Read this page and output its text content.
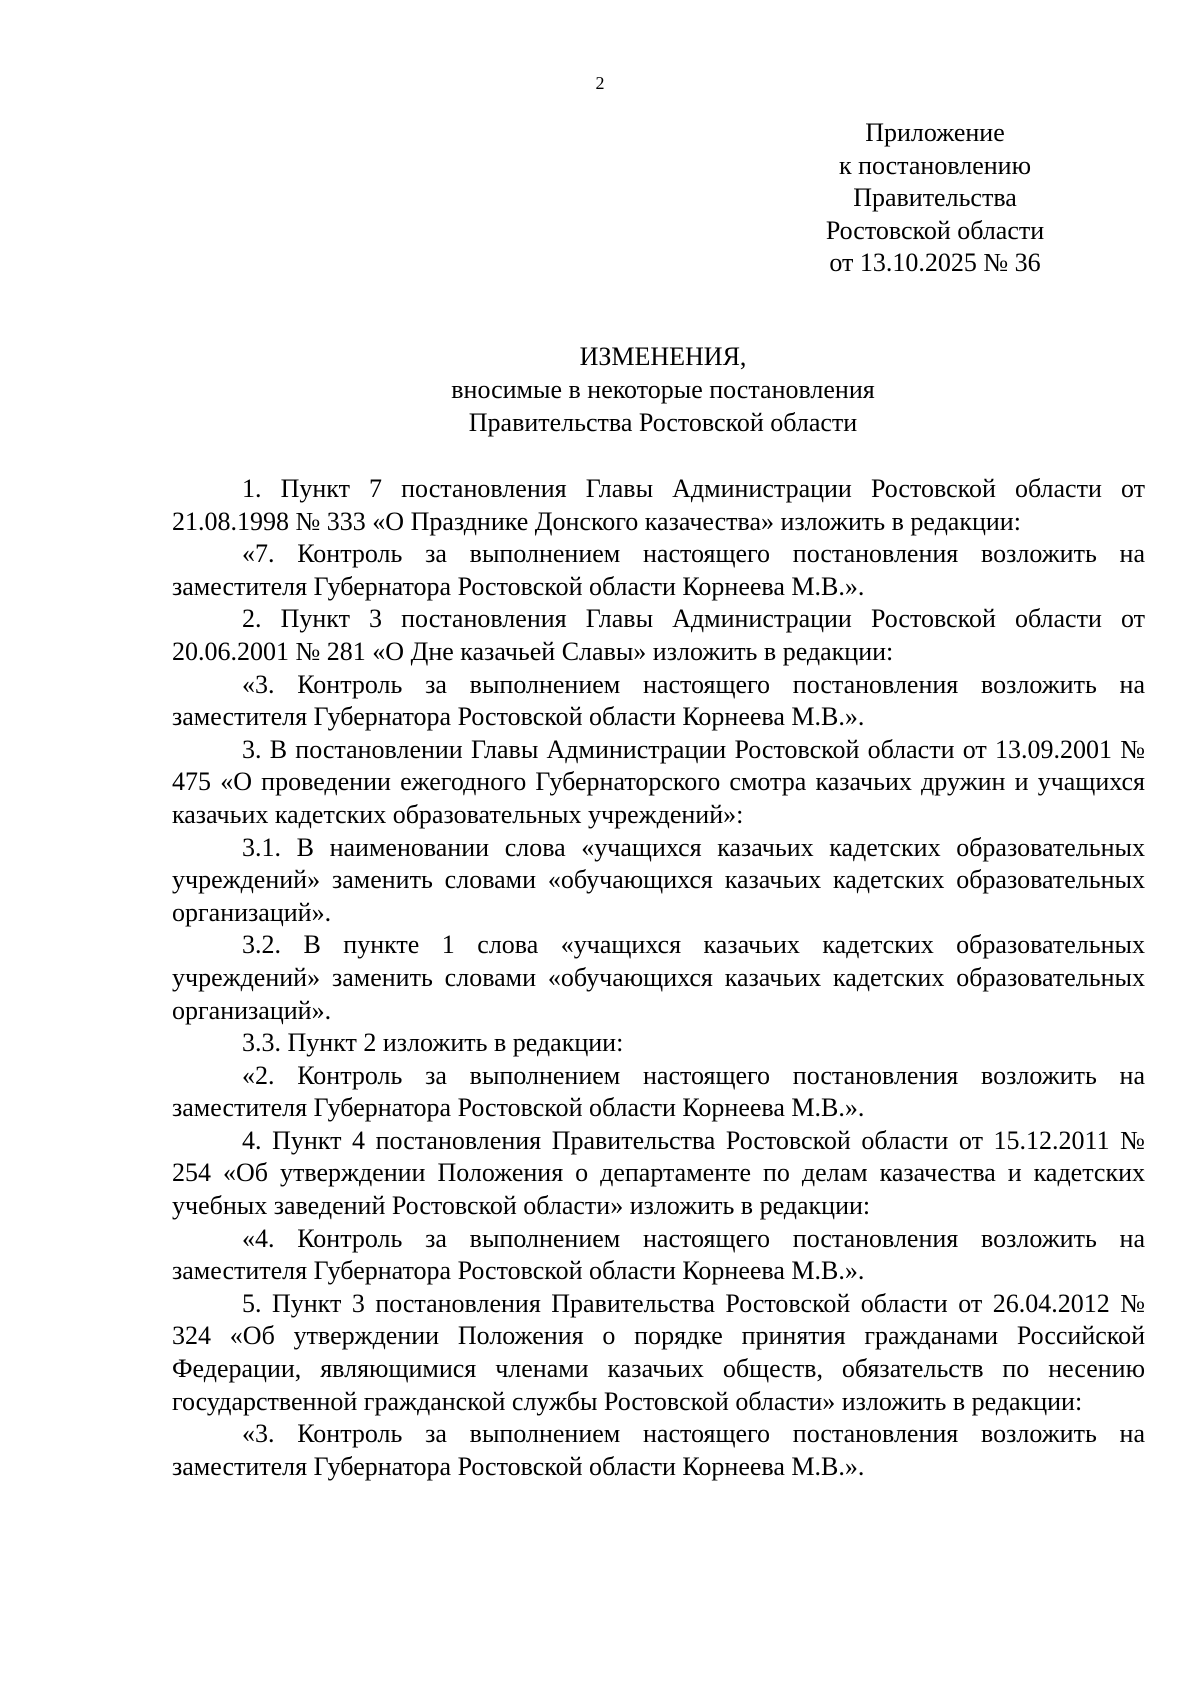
2
Приложение
к постановлению
Правительства
Ростовской области
от 13.10.2025 № 36
ИЗМЕНЕНИЯ,
вносимые в некоторые постановления
Правительства Ростовской области

1. Пункт 7 постановления Главы Администрации Ростовской области от 21.08.1998 № 333 «О Празднике Донского казачества» изложить в редакции:

«7. Контроль за выполнением настоящего постановления возложить на заместителя Губернатора Ростовской области Корнеева М.В.».

2. Пункт 3 постановления Главы Администрации Ростовской области от 20.06.2001 № 281 «О Дне казачьей Славы» изложить в редакции:

«3. Контроль за выполнением настоящего постановления возложить на заместителя Губернатора Ростовской области Корнеева М.В.».

3. В постановлении Главы Администрации Ростовской области от 13.09.2001 № 475 «О проведении ежегодного Губернаторского смотра казачьих дружин и учащихся казачьих кадетских образовательных учреждений»:

3.1. В наименовании слова «учащихся казачьих кадетских образовательных учреждений» заменить словами «обучающихся казачьих кадетских образовательных организаций».

3.2. В пункте 1 слова «учащихся казачьих кадетских образовательных учреждений» заменить словами «обучающихся казачьих кадетских образовательных организаций».

3.3. Пункт 2 изложить в редакции:

«2. Контроль за выполнением настоящего постановления возложить на заместителя Губернатора Ростовской области Корнеева М.В.».

4. Пункт 4 постановления Правительства Ростовской области от 15.12.2011 № 254 «Об утверждении Положения о департаменте по делам казачества и кадетских учебных заведений Ростовской области» изложить в редакции:

«4. Контроль за выполнением настоящего постановления возложить на заместителя Губернатора Ростовской области Корнеева М.В.».

5. Пункт 3 постановления Правительства Ростовской области от 26.04.2012 № 324 «Об утверждении Положения о порядке принятия гражданами Российской Федерации, являющимися членами казачьих обществ, обязательств по несению государственной гражданской службы Ростовской области» изложить в редакции:

«3. Контроль за выполнением настоящего постановления возложить на заместителя Губернатора Ростовской области Корнеева М.В.».
